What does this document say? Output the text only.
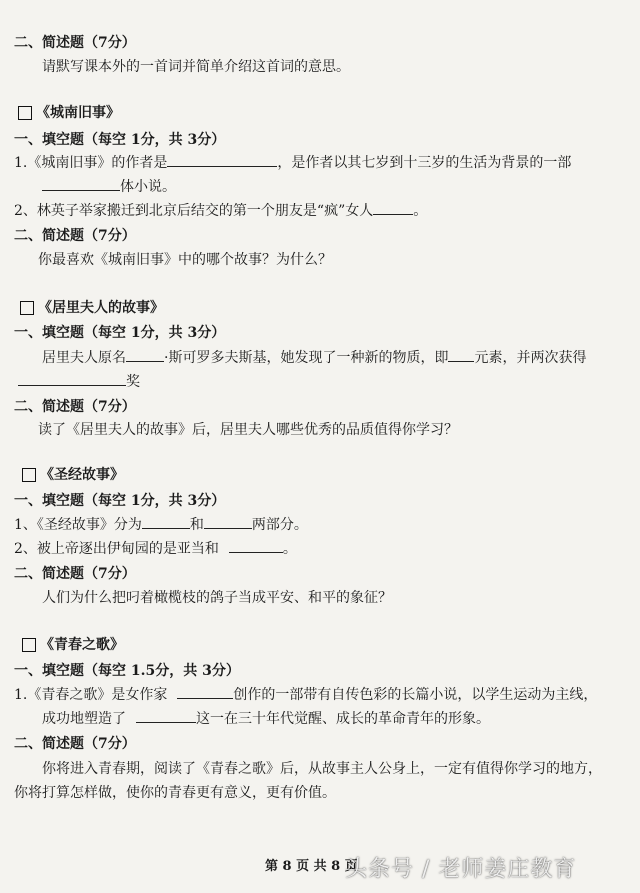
二、简述题（7分）
请默写课本外的一首词并简单介绍这首词的意思。
《城南旧事》
一、填空题（每空 1分，共 3分）
1.《城南旧事》的作者是	，是作者以其七岁到十三岁的生活为背景的一部
体小说。
2、林英子举家搬迁到北京后结交的第一个朋友是“疯”女人	。
二、简述题（7分）
你最喜欢《城南旧事》中的哪个故事？为什么？
《居里夫人的故事》
一、填空题（每空 1分，共 3分）
居里夫人原名	·斯可罗多夫斯基，她发现了一种新的物质，即 元素，并两次获得
奖
二、简述题（7分）
读了《居里夫人的故事》后，居里夫人哪些优秀的品质值得你学习？
《圣经故事》
一、填空题（每空 1分，共 3分）
1、《圣经故事》分为	和	两部分。
2、被上帝逐出伊甸园的是亚当和	。
二、简述题（7分）
人们为什么把叼着橄榄枝的鸽子当成平安、和平的象征？
《青春之歌》
一、填空题（每空 1.5分，共 3分）
1.《青春之歌》是女作家	创作的一部带有自传色彩的长篇小说，以学生运动为主线，
成功地塑造了	这一在三十年代觉醒、成长的革命青年的形象。
二、简述题（7分）
你将进入青春期，阅读了《青春之歌》后，从故事主人公身上，一定有值得你学习的地方，
你将打算怎样做，使你的青春更有意义，更有价值。
第 8 页 共 8 页
头条号 / 老师姜庄教育
